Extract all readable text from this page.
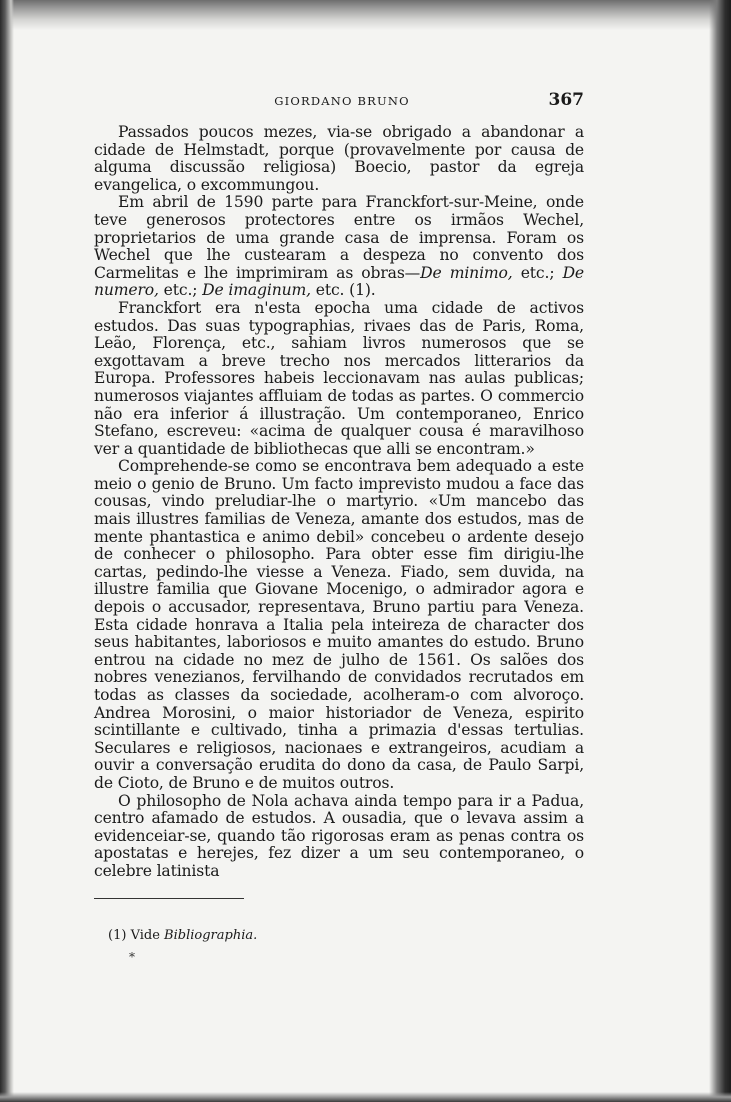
GIORDANO BRUNO	367

Passados poucos mezes, via-se obrigado a abandonar a cidade de Helmstadt, porque (provavelmente por causa de alguma discussão religiosa) Boecio, pastor da egreja evangelica, o excommungou.

Em abril de 1590 parte para Franckfort-sur-Meine, onde teve generosos protectores entre os irmãos Wechel, proprietarios de uma grande casa de imprensa. Foram os Wechel que lhe custearam a despeza no convento dos Carmelitas e lhe imprimiram as obras—De minimo, etc.; De numero, etc.; De imaginum, etc. (1).

Franckfort era n'esta epocha uma cidade de activos estudos. Das suas typographias, rivaes das de Paris, Roma, Leão, Florença, etc., sahiam livros numerosos que se exgottavam a breve trecho nos mercados litterarios da Europa. Professores habeis leccionavam nas aulas publicas; numerosos viajantes affluiam de todas as partes. O commercio não era inferior á illustração. Um contemporaneo, Enrico Stefano, escreveu: «acima de qualquer cousa é maravilhoso ver a quantidade de bibliothecas que alli se encontram.»

Comprehende-se como se encontrava bem adequado a este meio o genio de Bruno. Um facto imprevisto mudou a face das cousas, vindo preludiar-lhe o martyrio. «Um mancebo das mais illustres familias de Veneza, amante dos estudos, mas de mente phantastica e animo debil» concebeu o ardente desejo de conhecer o philosopho. Para obter esse fim dirigiu-lhe cartas, pedindo-lhe viesse a Veneza. Fiado, sem duvida, na illustre familia que Giovane Mocenigo, o admirador agora e depois o accusador, representava, Bruno partiu para Veneza. Esta cidade honrava a Italia pela inteireza de character dos seus habitantes, laboriosos e muito amantes do estudo. Bruno entrou na cidade no mez de julho de 1561. Os salões dos nobres venezianos, fervilhando de convidados recrutados em todas as classes da sociedade, acolheram-o com alvoroço. Andrea Morosini, o maior historiador de Veneza, espirito scintillante e cultivado, tinha a primazia d'essas tertulias. Seculares e religiosos, nacionaes e extrangeiros, acudiam a ouvir a conversação erudita do dono da casa, de Paulo Sarpi, de Cioto, de Bruno e de muitos outros.

O philosopho de Nola achava ainda tempo para ir a Padua, centro afamado de estudos. A ousadia, que o levava assim a evidenceiar-se, quando tão rigorosas eram as penas contra os apostatas e herejes, fez dizer a um seu contemporaneo, o celebre latinista

(1) Vide Bibliographia.
*
